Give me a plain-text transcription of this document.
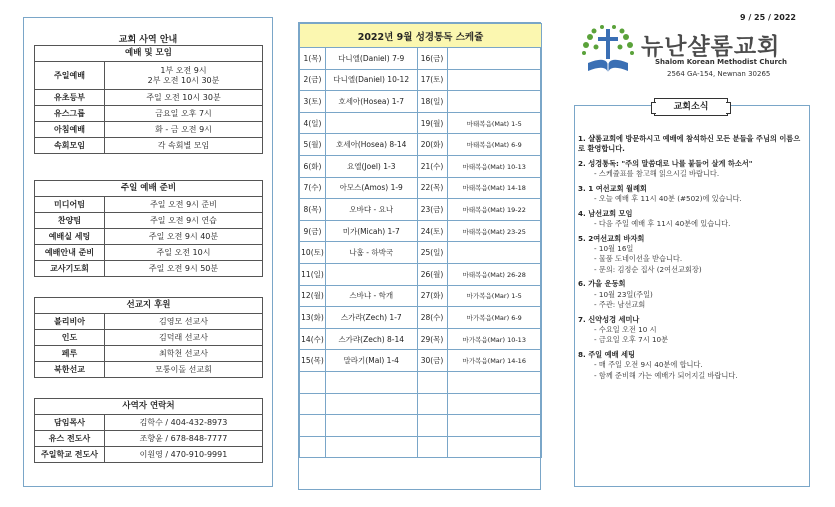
교회 사역 안내
예배 및 모임	
주일예배	1부 오전 9시
2부 오전 10시 30분

유초등부	주일 오전 10시 30분
유스그룹	금요일 오후 7시
아침예배	화 - 금 오전 9시
속회모임	각 속회별 모임
주일 예배 준비	
미디어팀	주일 오전 9시 준비
찬양팀	주일 오전 9시 연습
예배실 세팅	주일 오전 9시 40분
예배안내 준비	주일 오전 10시
교사기도회	주일 오전 9시 50분
선교지 후원	
볼리비아	김영모 선교사
인도	김덕래 선교사
페루	최학천 선교사
북한선교	모퉁이돌 선교회
사역자 연락처	
담임목사	김학수 / 404-432-8973
유스 전도사	조향윤 / 678-848-7777
주일학교 전도사	이원영 / 470-910-9991
2022년 9월 성경통독 스케쥴			
1(목)	다니엘(Daniel) 7-9	16(금)	
2(금)	다니엘(Daniel) 10-12	17(토)	
3(토)	호세아(Hosea) 1-7	18(일)	
4(일)		19(월)	마태복음(Mat) 1-5
5(월)	호세아(Hosea) 8-14	20(화)	마태복음(Mat) 6-9
6(화)	요엘(Joel) 1-3	21(수)	마태복음(Mat) 10-13
7(수)	아모스(Amos) 1-9	22(목)	마태복음(Mat) 14-18
8(목)	오바댜 - 요나	23(금)	마태복음(Mat) 19-22
9(금)	미가(Micah) 1-7	24(토)	마태복음(Mat) 23-25
10(토)	나훔 - 하박국	25(일)	
11(일)		26(월)	마태복음(Mat) 26-28
12(월)	스바냐 - 학개	27(화)	마가복음(Mar) 1-5
13(화)	스가랴(Zech) 1-7	28(수)	마가복음(Mar) 6-9
14(수)	스가랴(Zech) 8-14	29(목)	마가복음(Mar) 10-13
15(목)	말라기(Mal) 1-4	30(금)	마가복음(Mar) 14-16

9 / 25 / 2022
뉴난샬롬교회
Shalom Korean Methodist Church
2564 GA-154, Newnan 30265
교회소식
1. 샬롬교회에 방문하시고 예배에 참석하신 모든 분들을 주님의 이름으로 환영합니다.
2. 성경통독: "주의 말씀대로 나를 붙들어 살게 하소서"
- 스케쥴표를 참고해 읽으시길 바랍니다.
3. 1 여선교회 월례회
- 오늘 예배 후 11시 40분 (#502)에 있습니다.
4. 남선교회 모임
- 다음 주일 예배 후 11시 40분에 있습니다.
5. 2여선교회 바자회
- 10월 16일
- 물품 도네이션을 받습니다.
- 문의: 김정순 집사 (2여선교회장)
6. 가을 운동회
- 10월 23일(주일)
- 주관: 남선교회
7. 신약성경 세미나
- 수요일 오전 10 시
- 금요일 오후 7시 10분
8. 주일 예배 세팅
- 매 주일 오전 9시 40분에 합니다.
- 함께 준비해 가는 예배가 되어지길 바랍니다.
